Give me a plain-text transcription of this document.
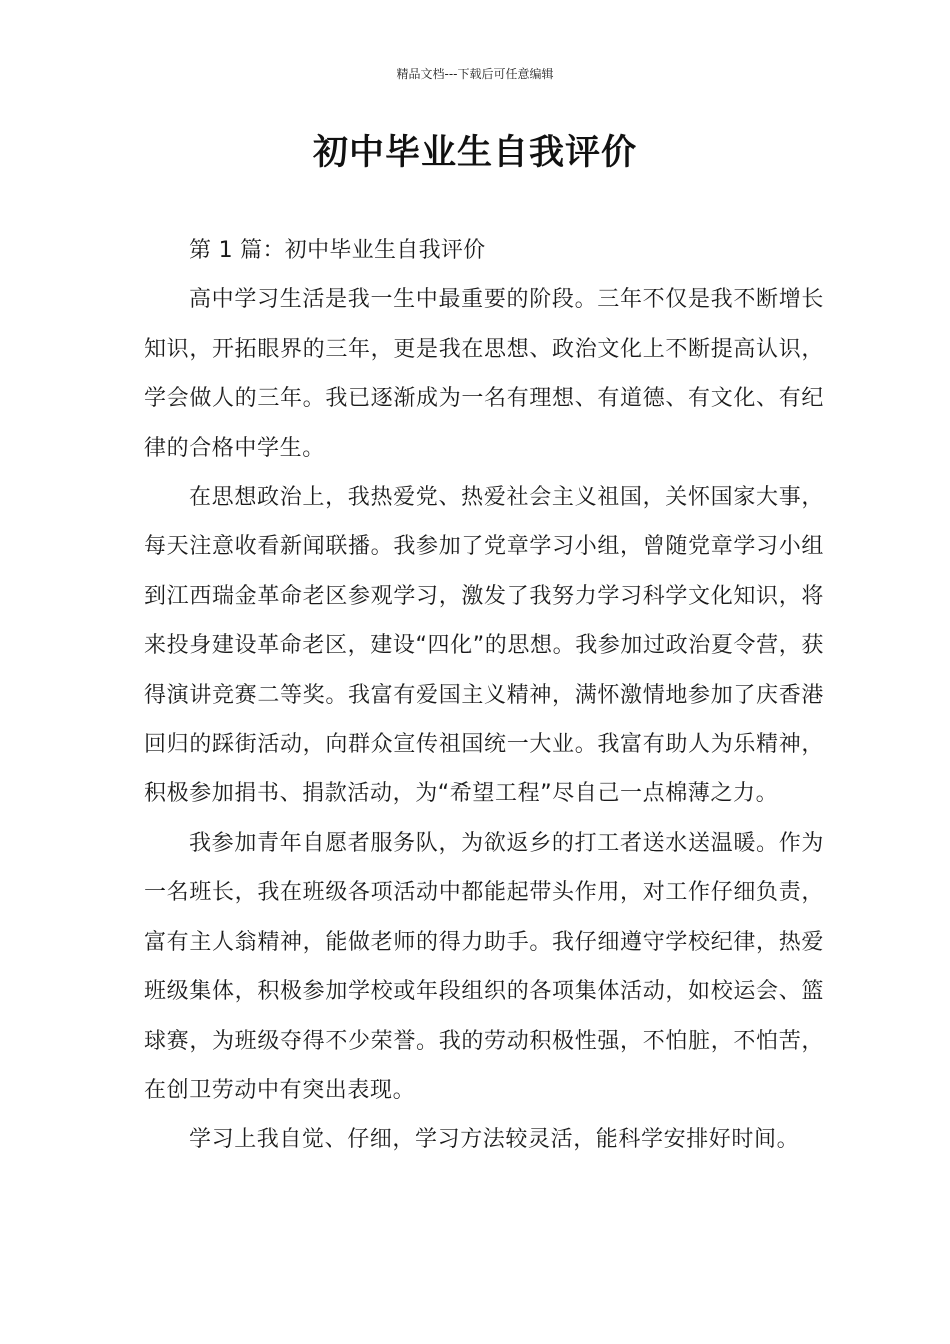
精品文档---下载后可任意编辑
初中毕业生自我评价

第 1 篇：初中毕业生自我评价

高中学习生活是我一生中最重要的阶段。三年不仅是我不断增长知识，开拓眼界的三年，更是我在思想、政治文化上不断提高认识，学会做人的三年。我已逐渐成为一名有理想、有道德、有文化、有纪律的合格中学生。

在思想政治上，我热爱党、热爱社会主义祖国，关怀国家大事，每天注意收看新闻联播。我参加了党章学习小组，曾随党章学习小组到江西瑞金革命老区参观学习，激发了我努力学习科学文化知识，将来投身建设革命老区，建设“四化”的思想。我参加过政治夏令营，获得演讲竞赛二等奖。我富有爱国主义精神，满怀激情地参加了庆香港回归的踩街活动，向群众宣传祖国统一大业。我富有助人为乐精神，积极参加捐书、捐款活动，为“希望工程”尽自己一点棉薄之力。

我参加青年自愿者服务队，为欲返乡的打工者送水送温暖。作为一名班长，我在班级各项活动中都能起带头作用，对工作仔细负责，富有主人翁精神，能做老师的得力助手。我仔细遵守学校纪律，热爱班级集体，积极参加学校或年段组织的各项集体活动，如校运会、篮球赛，为班级夺得不少荣誉。我的劳动积极性强，不怕脏，不怕苦，在创卫劳动中有突出表现。

学习上我自觉、仔细，学习方法较灵活，能科学安排好时间。
